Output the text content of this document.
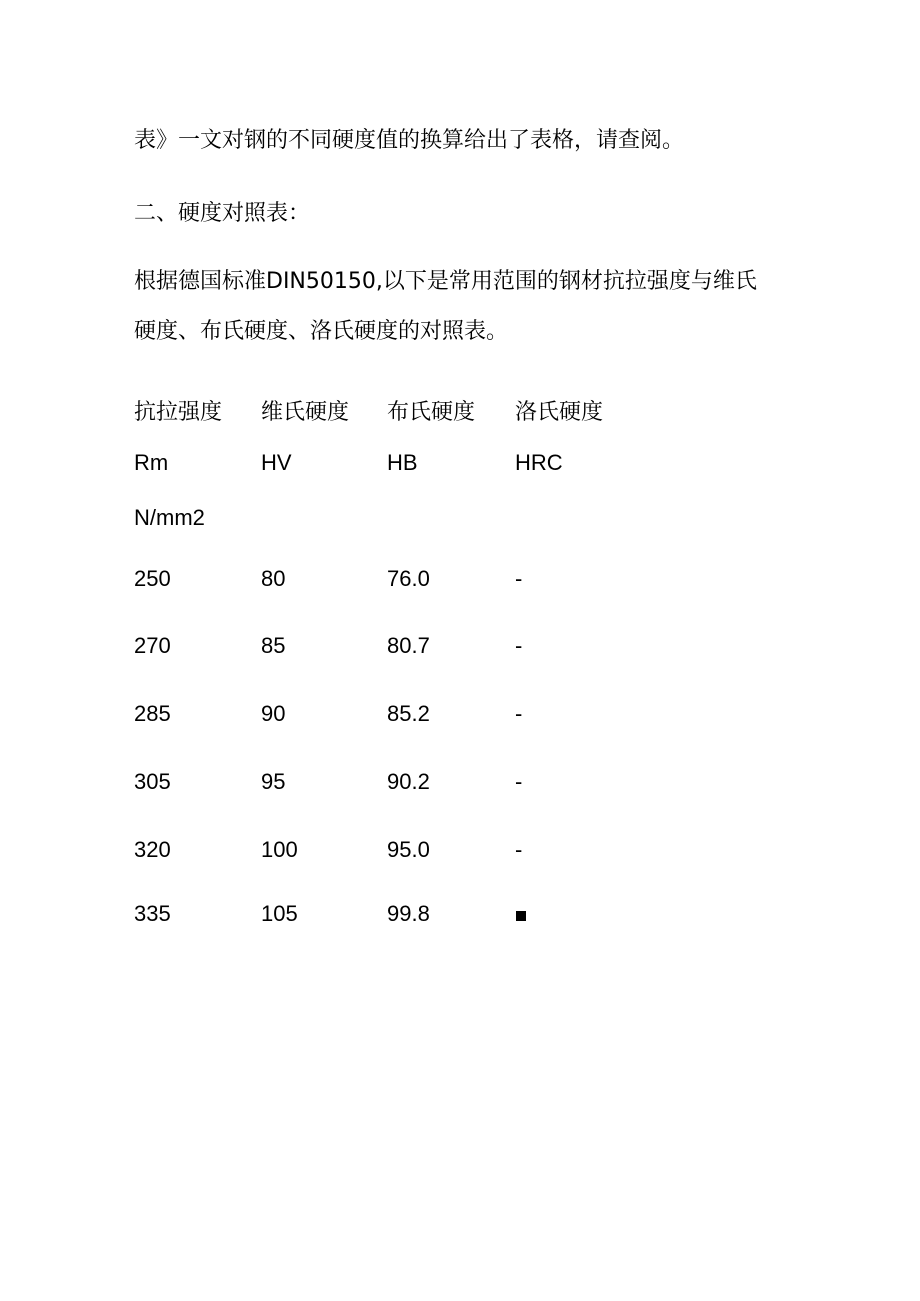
表》一文对钢的不同硬度值的换算给出了表格，请查阅。
二、硬度对照表：
根据德国标准DIN50150,以下是常用范围的钢材抗拉强度与维氏
硬度、布氏硬度、洛氏硬度的对照表。
抗拉强度 维氏硬度 布氏硬度 洛氏硬度
Rm	HV	HB	HRC
N/mm2
250	80	76.0	-
270	85	80.7	-
285	90	85.2	-
305	95	90.2	-
320	100	95.0	-
335	105	99.8
